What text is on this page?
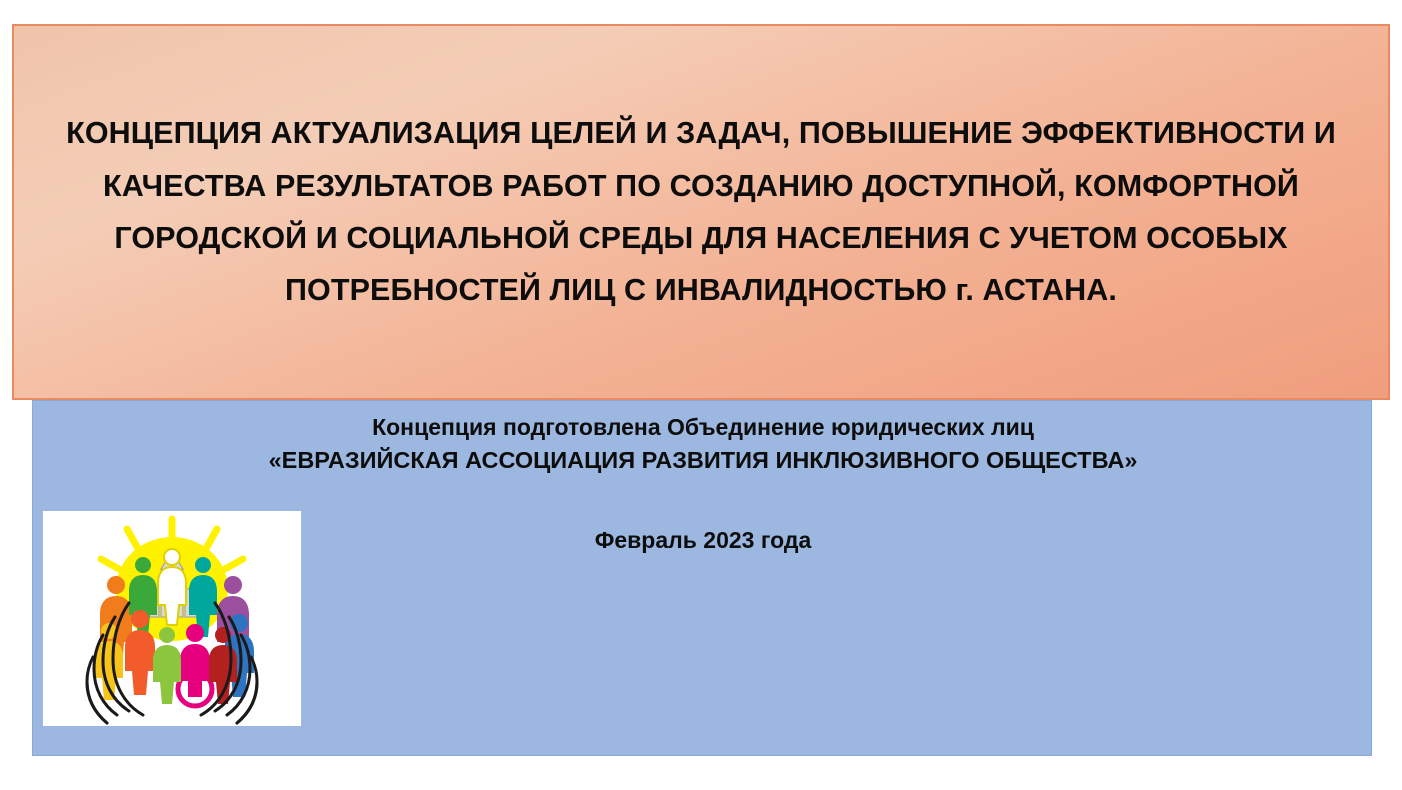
КОНЦЕПЦИЯ АКТУАЛИЗАЦИЯ ЦЕЛЕЙ И ЗАДАЧ, ПОВЫШЕНИЕ ЭФФЕКТИВНОСТИ И КАЧЕСТВА РЕЗУЛЬТАТОВ РАБОТ ПО СОЗДАНИЮ ДОСТУПНОЙ, КОМФОРТНОЙ ГОРОДСКОЙ И СОЦИАЛЬНОЙ СРЕДЫ ДЛЯ НАСЕЛЕНИЯ С УЧЕТОМ ОСОБЫХ ПОТРЕБНОСТЕЙ ЛИЦ С ИНВАЛИДНОСТЬЮ г. АСТАНА.
Концепция подготовлена Объединение юридических лиц
«ЕВРАЗИЙСКАЯ АССОЦИАЦИЯ РАЗВИТИЯ ИНКЛЮЗИВНОГО ОБЩЕСТВА»
Февраль 2023 года
